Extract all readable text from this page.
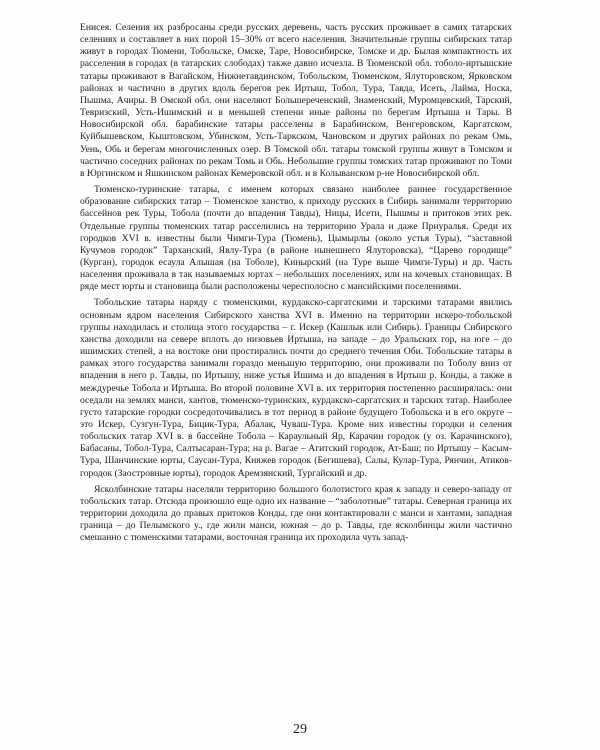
Енисея. Селения их разбросаны среди русских деревень, часть русских проживает в самих татарских селениях и составляет в них порой 15–30% от всего населения. Значительные группы сибирских татар живут в городах Тюмени, Тобольске, Омске, Таре, Новосибирске, Томске и др. Былая компактность их расселения в городах (в татарских слободах) также давно исчезла. В Тюменской обл. тоболо-иртышские татары проживают в Вагайском, Нижнетавдинском, Тобольском, Тюменском, Ялуторовском, Ярковском районах и частично в других вдоль берегов рек Иртыш, Тобол, Тура, Тавда, Исеть, Лайма, Носка, Пышма, Ачиры. В Омской обл. они населяют Большереченский, Знаменский, Муромцевский, Тарский, Тевризский, Усть-Ишимский и в меньшей степени иные районы по берегам Иртыша и Тары. В Новосибирской обл. барабинские татары расселены в Барабинском, Венгеровском, Каргатском, Куйбышевском, Кыштовском, Убинском, Усть-Таркском, Чановском и других районах по рекам Омь, Уень, Обь и берегам многочисленных озер. В Томской обл. татары томской группы живут в Томском и частично соседних районах по рекам Томь и Обь. Небольшие группы томских татар проживают по Томи в Юргинском и Яшкинском районах Кемеровской обл. и в Колыванском р-не Новосибирской обл.

Тюменско-туринские татары, с именем которых связано наиболее раннее государственное образование сибирских татар – Тюменское ханство, к приходу русских в Сибирь занимали территорию бассейнов рек Туры, Тобола (почти до впадения Тавды), Ницы, Исети, Пышмы и притоков этих рек. Отдельные группы тюменских татар расселились на территорию Урала и даже Приуралья. Среди их городков XVI в. известны были Чимги-Тура (Тюмень), Цымырлы (около устья Туры), “заставной Кучумов городок” Тарханский, Явлу-Тура (в районе нынешнего Ялуторовска), “Царево городище” (Курган), городок есаула Алышая (на Тоболе), Кинырский (на Туре выше Чимги-Туры) и др. Часть населения проживала в так называемых юртах – небольших поселениях, или на кочевых становищах. В ряде мест юрты и становища были расположены чересполосно с мансийскими поселениями.

Тобольские татары наряду с тюменскими, курдакско-саргатскими и тарскими татарами явились основным ядром населения Сибирского ханства XVI в. Именно на территории искеро-тобольской группы находилась и столица этого государства – г. Искер (Кашлык или Сибирь). Границы Сибирского ханства доходили на севере вплоть до низовьев Иртыша, на западе – до Уральских гор, на юге – до ишимских степей, а на востоке они простирались почти до среднего течения Оби. Тобольские татары в рамках этого государства занимали гораздо меньшую территорию, они проживали по Тоболу вниз от впадения в него р. Тавды, по Иртышу, ниже устья Ишима и до впадения в Иртыш р. Конды, а также в междуречье Тобола и Иртыша. Во второй половине XVI в. их территория постепенно расширялась: они оседали на землях манси, хантов, тюменско-туринских, курдакско-саргатских и тарских татар. Наиболее густо татарские городки сосредоточивались в тот период в районе будущего Тобольска и в его округе – это Искер, Сузгун-Тура, Бицик-Тура, Абалак, Чуваш-Тура. Кроме них известны городки и селения тобольских татар XVI в. в бассейне Тобола – Караульный Яр, Карачин городок (у оз. Карачинского), Бабасаны, Тобол-Тура, Салтысаран-Тура; на р. Вагае – Агитский городок, Ат-Баш; по Иртышу – Касым-Тура, Шанчинские юрты, Саусан-Тура, Княжев городок (Бегишева), Салы, Кулар-Тура, Рянчин, Атиков-городок (Заостровные юрты), городок Аремзянский, Тургайский и др.

Ясколбинские татары населяли территорию большого болотистого края к западу и северо-западу от тобольских татар. Отсюда произошло еще одно их название – “заболотные” татары. Северная граница их территории доходила до правых притоков Конды, где они контактировали с манси и хантами, западная граница – до Пелымского у., где жили манси, южная – до р. Тавды, где ясколбинцы жили частично смешанно с тюменскими татарами, восточная граница их проходила чуть запад-

29
